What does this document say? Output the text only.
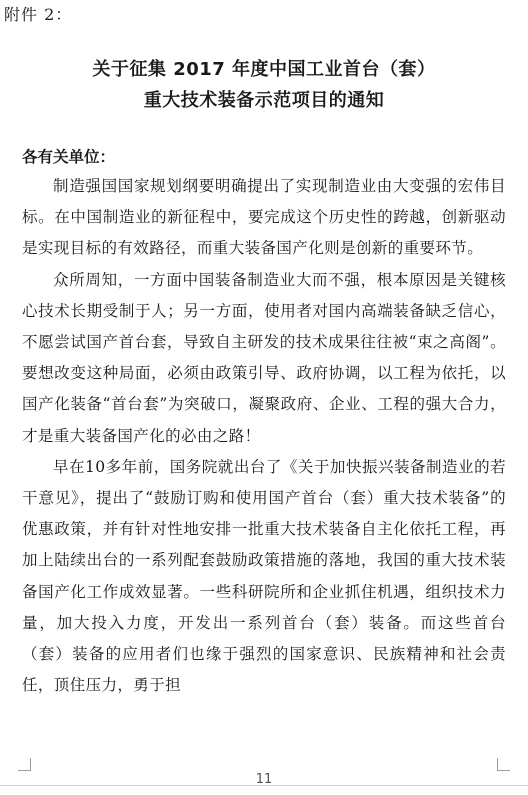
附件 2：
关于征集 2017 年度中国工业首台（套）
重大技术装备示范项目的通知
各有关单位：

制造强国国家规划纲要明确提出了实现制造业由大变强的宏伟目标。在中国制造业的新征程中，要完成这个历史性的跨越，创新驱动是实现目标的有效路径，而重大装备国产化则是创新的重要环节。

众所周知，一方面中国装备制造业大而不强，根本原因是关键核心技术长期受制于人；另一方面，使用者对国内高端装备缺乏信心，不愿尝试国产首台套，导致自主研发的技术成果往往被“束之高阁”。要想改变这种局面，必须由政策引导、政府协调，以工程为依托，以国产化装备“首台套”为突破口，凝聚政府、企业、工程的强大合力，才是重大装备国产化的必由之路！

早在10多年前，国务院就出台了《关于加快振兴装备制造业的若干意见》，提出了“鼓励订购和使用国产首台（套）重大技术装备”的优惠政策，并有针对性地安排一批重大技术装备自主化依托工程，再加上陆续出台的一系列配套鼓励政策措施的落地，我国的重大技术装备国产化工作成效显著。一些科研院所和企业抓住机遇，组织技术力量，加大投入力度，开发出一系列首台（套）装备。而这些首台（套）装备的应用者们也缘于强烈的国家意识、民族精神和社会责任，顶住压力，勇于担

11
